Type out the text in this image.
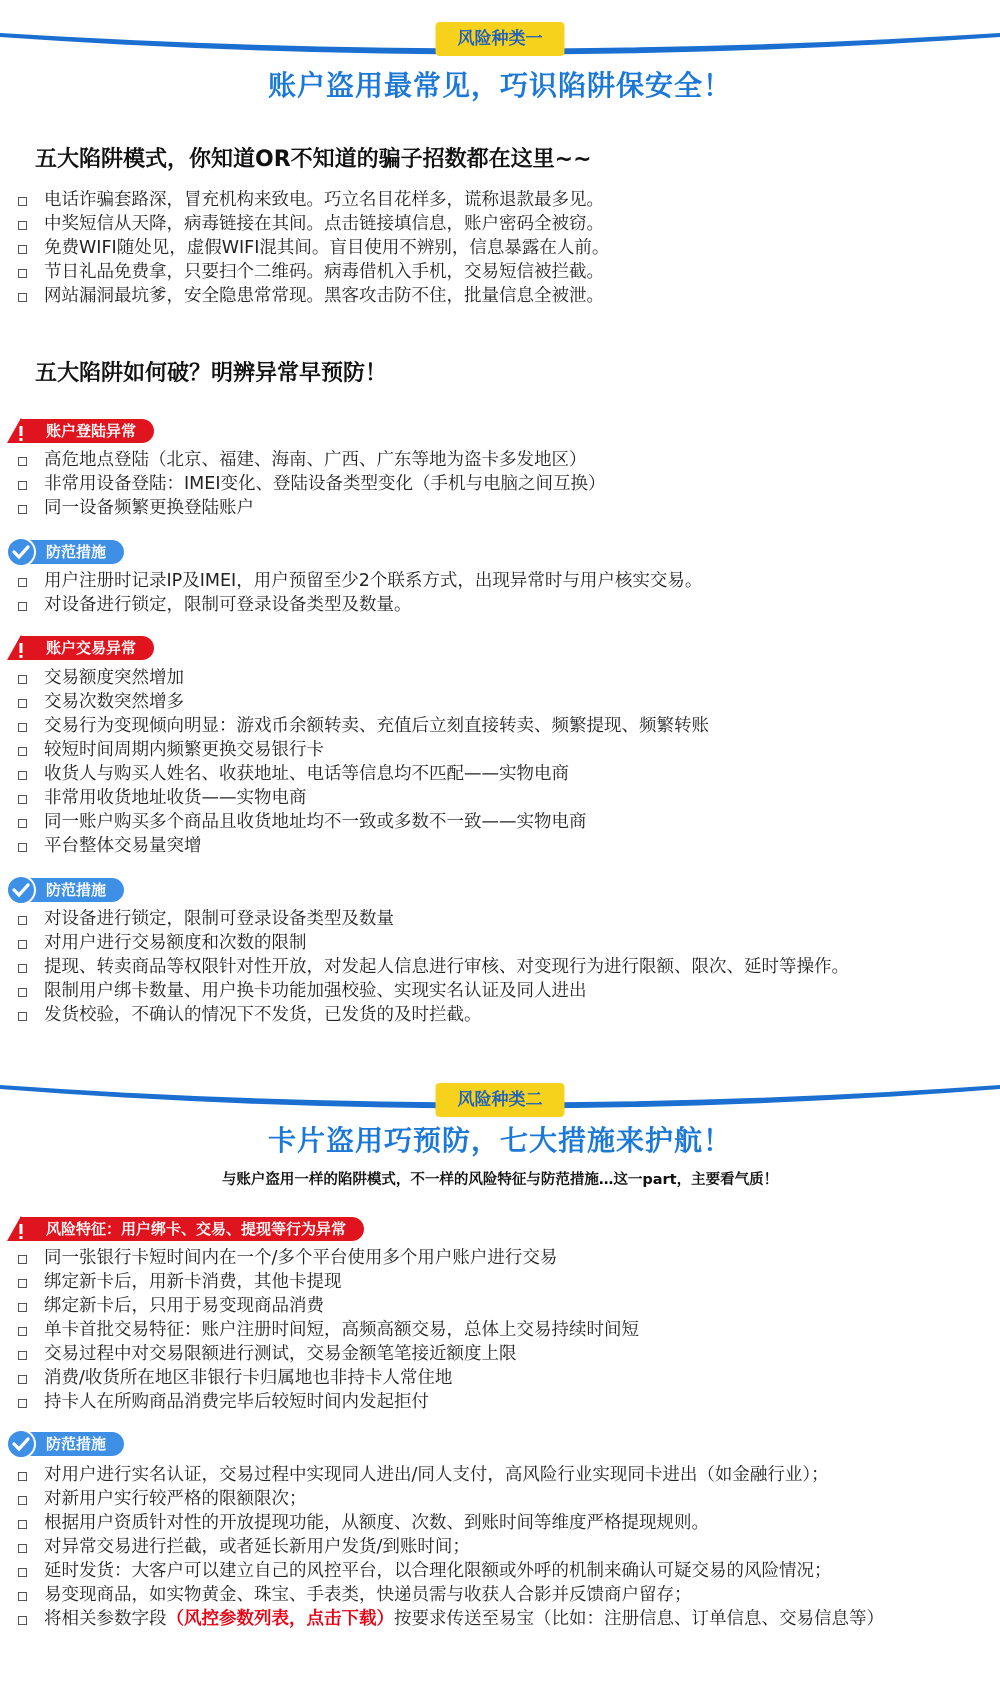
风险种类一
账户盗用最常见，巧识陷阱保安全！
五大陷阱模式，你知道OR不知道的骗子招数都在这里~~
电话诈骗套路深，冒充机构来致电。巧立名目花样多，谎称退款最多见。
中奖短信从天降，病毒链接在其间。点击链接填信息，账户密码全被窃。
免费WIFI随处见，虚假WIFI混其间。盲目使用不辨别，信息暴露在人前。
节日礼品免费拿，只要扫个二维码。病毒借机入手机，交易短信被拦截。
网站漏洞最坑爹，安全隐患常常现。黑客攻击防不住，批量信息全被泄。
五大陷阱如何破？明辨异常早预防！
账户登陆异常
高危地点登陆（北京、福建、海南、广西、广东等地为盗卡多发地区）
非常用设备登陆：IMEI变化、登陆设备类型变化（手机与电脑之间互换）
同一设备频繁更换登陆账户
防范措施
用户注册时记录IP及IMEI，用户预留至少2个联系方式，出现异常时与用户核实交易。
对设备进行锁定，限制可登录设备类型及数量。
账户交易异常
交易额度突然增加
交易次数突然增多
交易行为变现倾向明显：游戏币余额转卖、充值后立刻直接转卖、频繁提现、频繁转账
较短时间周期内频繁更换交易银行卡
收货人与购买人姓名、收获地址、电话等信息均不匹配——实物电商
非常用收货地址收货——实物电商
同一账户购买多个商品且收货地址均不一致或多数不一致——实物电商
平台整体交易量突增
防范措施
对设备进行锁定，限制可登录设备类型及数量
对用户进行交易额度和次数的限制
提现、转卖商品等权限针对性开放，对发起人信息进行审核、对变现行为进行限额、限次、延时等操作。
限制用户绑卡数量、用户换卡功能加强校验、实现实名认证及同人进出
发货校验，不确认的情况下不发货，已发货的及时拦截。
风险种类二
卡片盗用巧预防，七大措施来护航！
与账户盗用一样的陷阱模式，不一样的风险特征与防范措施…这一part，主要看气质！
风险特征：用户绑卡、交易、提现等行为异常
同一张银行卡短时间内在一个/多个平台使用多个用户账户进行交易
绑定新卡后，用新卡消费，其他卡提现
绑定新卡后，只用于易变现商品消费
单卡首批交易特征：账户注册时间短，高频高额交易，总体上交易持续时间短
交易过程中对交易限额进行测试，交易金额笔笔接近额度上限
消费/收货所在地区非银行卡归属地也非持卡人常住地
持卡人在所购商品消费完毕后较短时间内发起拒付
防范措施
对用户进行实名认证，交易过程中实现同人进出/同人支付，高风险行业实现同卡进出（如金融行业）；
对新用户实行较严格的限额限次；
根据用户资质针对性的开放提现功能，从额度、次数、到账时间等维度严格提现规则。
对异常交易进行拦截，或者延长新用户发货/到账时间；
延时发货：大客户可以建立自己的风控平台，以合理化限额或外呼的机制来确认可疑交易的风险情况；
易变现商品，如实物黄金、珠宝、手表类，快递员需与收获人合影并反馈商户留存；
将相关参数字段（风控参数列表，点击下载）按要求传送至易宝（比如：注册信息、订单信息、交易信息等）
